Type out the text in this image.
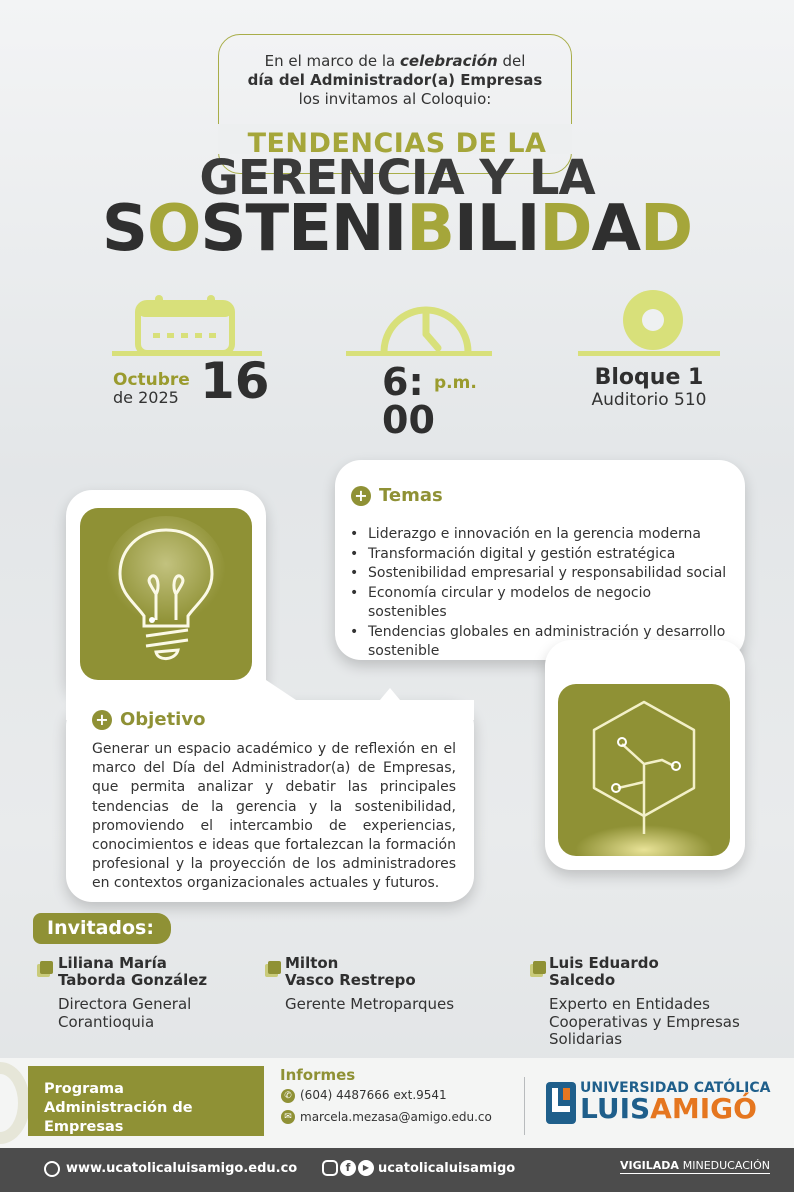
En el marco de la celebración del
día del Administrador(a) Empresas
los invitamos al Coloquio:
TENDENCIAS DE LA
GERENCIA Y LA
SOSTENIBILIDAD
Octubre
de 2025 16	6:
00
p.m.	Bloque 1
Auditorio 510
+ Objetivo
Generar un espacio académico y de reflexión en el marco del Día del Administrador(a) de Empresas, que permita analizar y debatir las principales tendencias de la gerencia y la sostenibilidad, promoviendo el intercambio de experiencias, conocimientos e ideas que fortalezcan la formación profesional y la proyección de los administradores en contextos organizacionales actuales y futuros.
+ Temas
• Liderazgo e innovación en la gerencia moderna
• Transformación digital y gestión estratégica
• Sostenibilidad empresarial y responsabilidad social
• Economía circular y modelos de negocio sostenibles
• Tendencias globales en administración y desarrollo sostenible
Invitados:
Liliana María
Taborda González
Directora General
Corantioquia
Milton
Vasco Restrepo
Gerente Metroparques
Luis Eduardo
Salcedo
Experto en Entidades
Cooperativas y Empresas
Solidarias
Programa Administración de Empresas
Informes
✆ (604) 4487666 ext.9541
✉ marcela.mezasa@amigo.edu.co
UNIVERSIDAD CATÓLICA
LUISAMIGÓ
www.ucatolicaluisamigo.edu.co	f	▶ ucatolicaluisamigo	VIGILADA MINEDUCACIÓN
